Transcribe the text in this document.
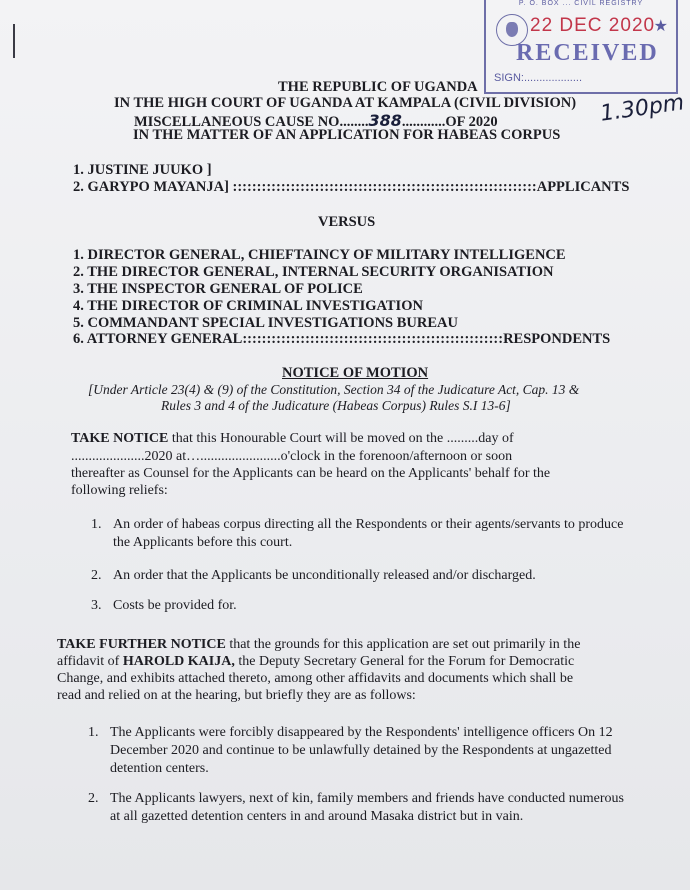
P. O. BOX ... CIVIL REGISTRY
22 DEC 2020
★
RECEIVED
SIGN:...................
1.30pm
THE REPUBLIC OF UGANDA
IN THE HIGH COURT OF UGANDA AT KAMPALA (CIVIL DIVISION)
MISCELLANEOUS CAUSE NO........388............OF 2020
IN THE MATTER OF AN APPLICATION FOR HABEAS CORPUS
1. JUSTINE JUUKO ]
2. GARYPO MAYANJA] :::::::::::::::::::::::::::::::::::::::::::::::::::::::::::::::APPLICANTS
VERSUS
1. DIRECTOR GENERAL, CHIEFTAINCY OF MILITARY INTELLIGENCE
2. THE DIRECTOR GENERAL, INTERNAL SECURITY ORGANISATION
3. THE INSPECTOR GENERAL OF POLICE
4. THE DIRECTOR OF CRIMINAL INVESTIGATION
5. COMMANDANT SPECIAL INVESTIGATIONS BUREAU
6. ATTORNEY GENERAL::::::::::::::::::::::::::::::::::::::::::::::::::::::RESPONDENTS
NOTICE OF MOTION
[Under Article 23(4) & (9) of the Constitution, Section 34 of the Judicature Act, Cap. 13 &
Rules 3 and 4 of the Judicature (Habeas Corpus) Rules S.I 13-6]
TAKE NOTICE that this Honourable Court will be moved on the .........day of
.....................2020 at….......................o'clock in the forenoon/afternoon or soon
thereafter as Counsel for the Applicants can be heard on the Applicants' behalf for the
following reliefs:
1. An order of habeas corpus directing all the Respondents or their agents/servants to produce the Applicants before this court.
2. An order that the Applicants be unconditionally released and/or discharged.
3. Costs be provided for.
TAKE FURTHER NOTICE that the grounds for this application are set out primarily in the
affidavit of HAROLD KAIJA, the Deputy Secretary General for the Forum for Democratic
Change, and exhibits attached thereto, among other affidavits and documents which shall be
read and relied on at the hearing, but briefly they are as follows:
1. The Applicants were forcibly disappeared by the Respondents' intelligence officers On 12 December 2020 and continue to be unlawfully detained by the Respondents at ungazetted detention centers.
2. The Applicants lawyers, next of kin, family members and friends have conducted numerous at all gazetted detention centers in and around Masaka district but in vain.
